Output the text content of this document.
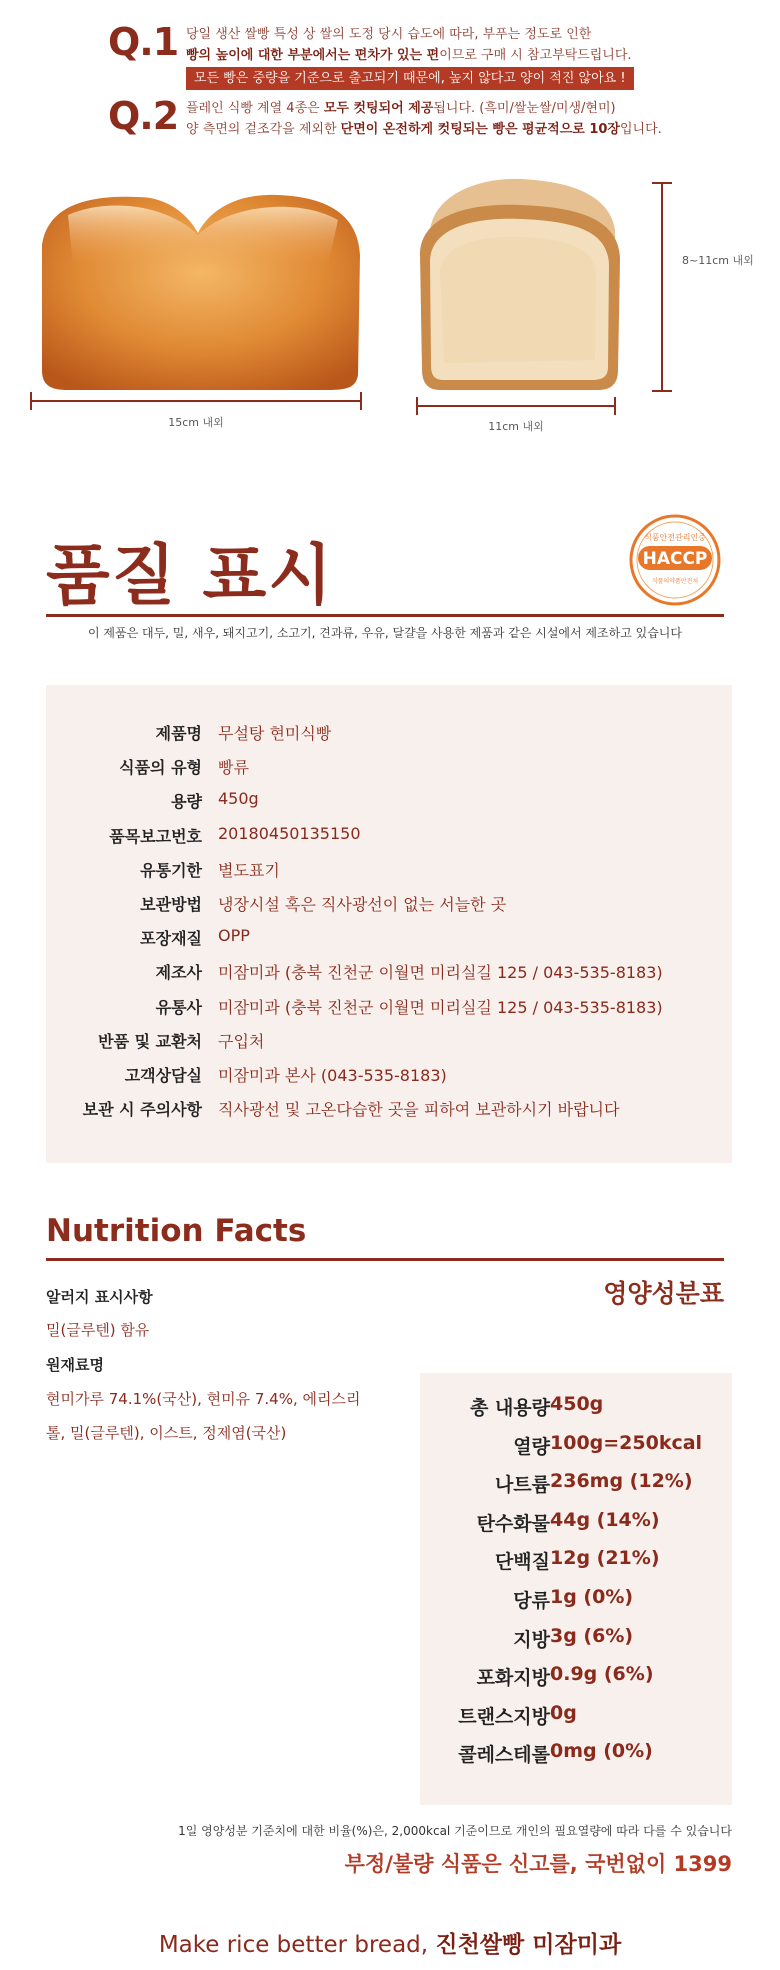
Q.1 당일 생산 쌀빵 특성 상 쌀의 도정 당시 습도에 따라, 부푸는 정도로 인한
빵의 높이에 대한 부분에서는 편차가 있는 편이므로 구매 시 참고부탁드립니다.
모든 빵은 중량을 기준으로 출고되기 때문에, 높지 않다고 양이 적진 않아요 !
Q.2 플레인 식빵 계열 4종은 모두 컷팅되어 제공됩니다. (흑미/쌀눈쌀/미생/현미)
양 측면의 겉조각을 제외한 단면이 온전하게 컷팅되는 빵은 평균적으로 10장입니다.
15cm 내외	11cm 내외
8~11cm 내외
품질 표시	식품안전관리인증
HACCP
식품의약품안전처
이 제품은 대두, 밀, 새우, 돼지고기, 소고기, 견과류, 우유, 달걀을 사용한 제품과 같은 시설에서 제조하고 있습니다
제품명 무설탕 현미식빵
식품의 유형 빵류
용량 450g
품목보고번호 20180450135150
유통기한 별도표기
보관방법 냉장시설 혹은 직사광선이 없는 서늘한 곳
포장재질 OPP
제조사 미잠미과 (충북 진천군 이월면 미리실길 125 / 043-535-8183)
유통사 미잠미과 (충북 진천군 이월면 미리실길 125 / 043-535-8183)
반품 및 교환처 구입처
고객상담실 미잠미과 본사 (043-535-8183)
보관 시 주의사항 직사광선 및 고온다습한 곳을 피하여 보관하시기 바랍니다
Nutrition Facts
영양성분표
알러지 표시사항
밀(글루텐) 함유
원재료명
현미가루 74.1%(국산), 현미유 7.4%, 에리스리
톨, 밀(글루텐), 이스트, 정제염(국산)
총 내용량 450g
열량 100g=250kcal
나트륨 236mg (12%)
탄수화물 44g (14%)
단백질 12g (21%)
당류 1g (0%)
지방 3g (6%)
포화지방 0.9g (6%)
트랜스지방 0g
콜레스테롤 0mg (0%)
1일 영양성분 기준치에 대한 비율(%)은, 2,000kcal 기준이므로 개인의 필요열량에 따라 다를 수 있습니다
부정/불량 식품은 신고를, 국번없이 1399
Make rice better bread, 진천쌀빵 미잠미과
